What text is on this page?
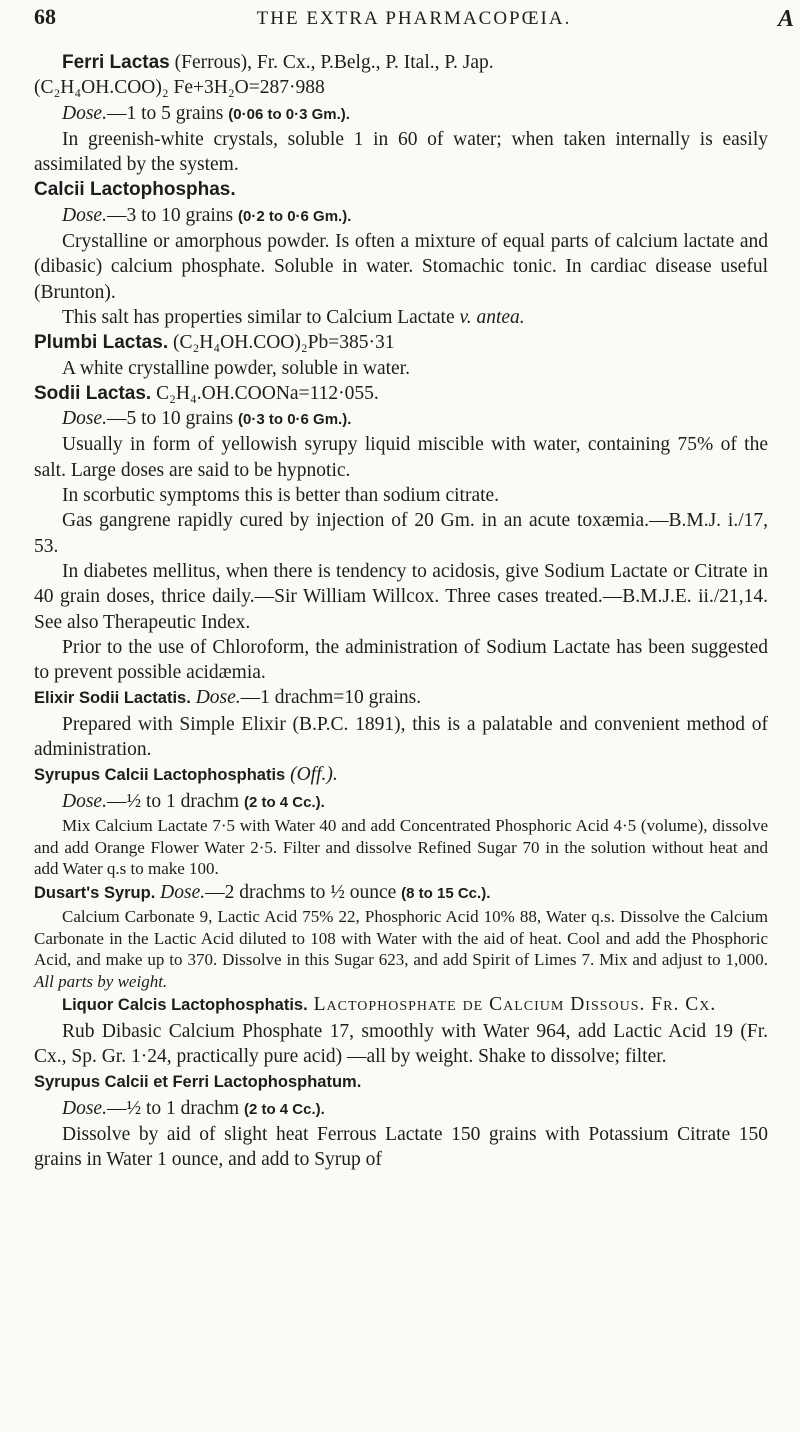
68	THE EXTRA PHARMACOPŒIA.	A

Ferri Lactas (Ferrous), Fr. Cx., P.Belg., P. Ital., P. Jap.

(C₂H₄OH.COO)₂ Fe+3H₂O=287·988

Dose.—1 to 5 grains (0·06 to 0·3 Gm.).

In greenish-white crystals, soluble 1 in 60 of water; when taken internally is easily assimilated by the system.

Calcii Lactophosphas.

Dose.—3 to 10 grains (0·2 to 0·6 Gm.).

Crystalline or amorphous powder. Is often a mixture of equal parts of calcium lactate and (dibasic) calcium phosphate. Soluble in water. Stomachic tonic. In cardiac disease useful (Brunton).

This salt has properties similar to Calcium Lactate v. antea.

Plumbi Lactas. (C₂H₄OH.COO)₂Pb=385·31

A white crystalline powder, soluble in water.

Sodii Lactas. C₂H₄.OH.COONa=112·055.

Dose.—5 to 10 grains (0·3 to 0·6 Gm.).

Usually in form of yellowish syrupy liquid miscible with water, containing 75% of the salt. Large doses are said to be hypnotic.

In scorbutic symptoms this is better than sodium citrate.

Gas gangrene rapidly cured by injection of 20 Gm. in an acute toxæmia.—B.M.J. i./17, 53.

In diabetes mellitus, when there is tendency to acidosis, give Sodium Lactate or Citrate in 40 grain doses, thrice daily.—Sir William Willcox. Three cases treated.—B.M.J.E. ii./21,14. See also Therapeutic Index.

Prior to the use of Chloroform, the administration of Sodium Lactate has been suggested to prevent possible acidæmia.

Elixir Sodii Lactatis. Dose.—1 drachm=10 grains.

Prepared with Simple Elixir (B.P.C. 1891), this is a palatable and convenient method of administration.

Syrupus Calcii Lactophosphatis (Off.).

Dose.—½ to 1 drachm (2 to 4 Cc.).

Mix Calcium Lactate 7·5 with Water 40 and add Concentrated Phosphoric Acid 4·5 (volume), dissolve and add Orange Flower Water 2·5. Filter and dissolve Refined Sugar 70 in the solution without heat and add Water q.s to make 100.

Dusart's Syrup. Dose.—2 drachms to ½ ounce (8 to 15 Cc.).

Calcium Carbonate 9, Lactic Acid 75% 22, Phosphoric Acid 10% 88, Water q.s. Dissolve the Calcium Carbonate in the Lactic Acid diluted to 108 with Water with the aid of heat. Cool and add the Phosphoric Acid, and make up to 370. Dissolve in this Sugar 623, and add Spirit of Limes 7. Mix and adjust to 1,000. All parts by weight.

Liquor Calcis Lactophosphatis. Lactophosphate de Calcium Dissous. Fr. Cx.

Rub Dibasic Calcium Phosphate 17, smoothly with Water 964, add Lactic Acid 19 (Fr. Cx., Sp. Gr. 1·24, practically pure acid) —all by weight. Shake to dissolve; filter.

Syrupus Calcii et Ferri Lactophosphatum.

Dose.—½ to 1 drachm (2 to 4 Cc.).

Dissolve by aid of slight heat Ferrous Lactate 150 grains with Potassium Citrate 150 grains in Water 1 ounce, and add to Syrup of
